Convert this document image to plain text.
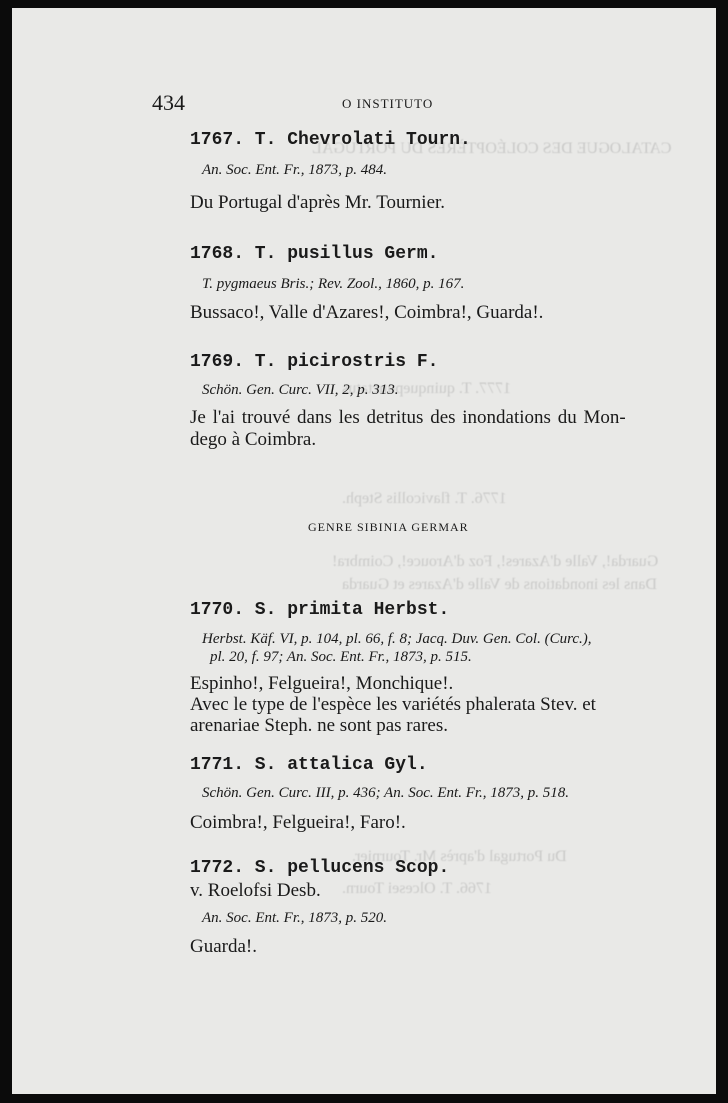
CATALOGUE DES COLÉOPTÈRES DU PORTUGAL
1777. T. quinquepunctatus
1776. T. flavicollis Steph.
Guarda!, Valle d'Azares!, Foz d'Arouce!, Coimbra!
Dans les inondations de Valle d'Azares et Guarda
Du Portugal d'après Mr. Tournier.
1766. T. Olcesei Tourn.
434	O INSTITUTO
1767. T. Chevrolati Tourn.
An. Soc. Ent. Fr., 1873, p. 484.
Du Portugal d'après Mr. Tournier.
1768. T. pusillus Germ.
T. pygmaeus Bris.; Rev. Zool., 1860, p. 167.
Bussaco!, Valle d'Azares!, Coimbra!, Guarda!.
1769. T. picirostris F.
Schön. Gen. Curc. VII, 2, p. 313.
Je l'ai trouvé dans les detritus des inondations du Mon-
dego à Coimbra.
GENRE SIBINIA GERMAR
1770. S. primita Herbst.
Herbst. Käf. VI, p. 104, pl. 66, f. 8; Jacq. Duv. Gen. Col. (Curc.),
pl. 20, f. 97; An. Soc. Ent. Fr., 1873, p. 515.
Espinho!, Felgueira!, Monchique!.
Avec le type de l'espèce les variétés phalerata Stev. et
arenariae Steph. ne sont pas rares.
1771. S. attalica Gyl.
Schön. Gen. Curc. III, p. 436; An. Soc. Ent. Fr., 1873, p. 518.
Coimbra!, Felgueira!, Faro!.
1772. S. pellucens Scop.
v. Roelofsi Desb.
An. Soc. Ent. Fr., 1873, p. 520.
Guarda!.
